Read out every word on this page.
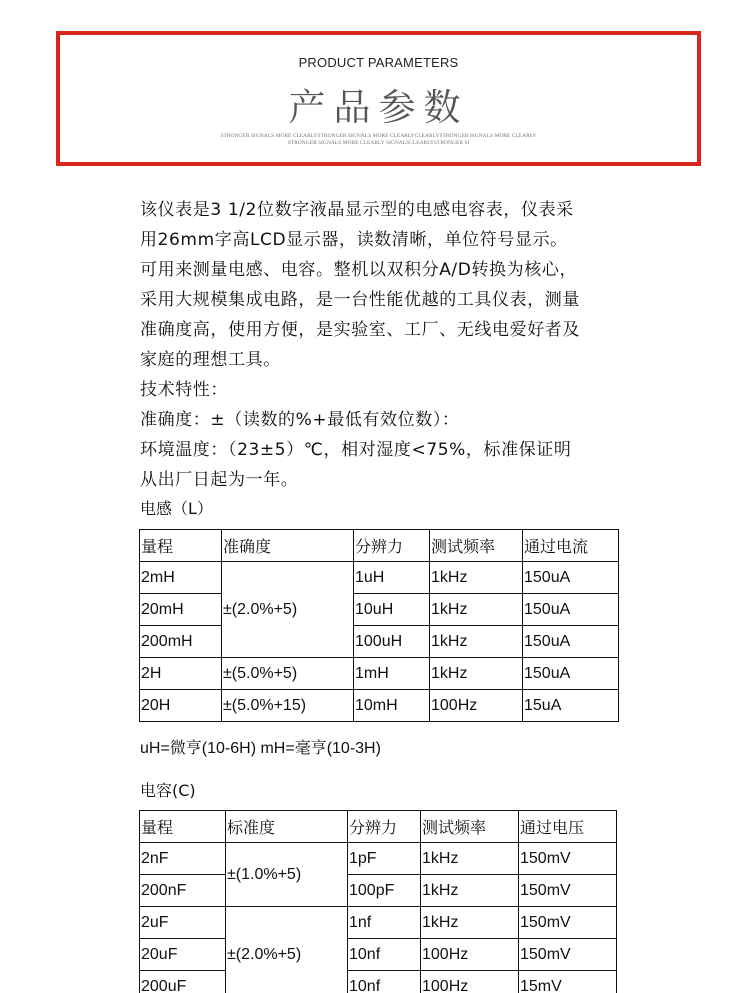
PRODUCT PARAMETERS
产品参数
STRONGER SIGNALS MORE CLEARLYSTRONGER SIGNALS MORE CLEARLYCLEARLYSTRONGER SIGNALS MORE CLEARLY
STRONGER SIGNALS MORE CLEARLY SIGNALSCLEARLYSTRONGER SI
该仪表是3 1/2位数字液晶显示型的电感电容表，仪表采
用26mm字高LCD显示器，读数清晰，单位符号显示。
可用来测量电感、电容。整机以双积分A/D转换为核心，
采用大规模集成电路，是一台性能优越的工具仪表，测量
准确度高，使用方便，是实验室、工厂、无线电爱好者及
家庭的理想工具。
技术特性：
准确度：±（读数的%+最低有效位数）：
环境温度：（23±5）℃，相对湿度<75%，标准保证明
从出厂日起为一年。
电感（L）
量程	准确度	分辨力	测试频率	通过电流
2mH	±(2.0%+5)	1uH	1kHz	150uA
20mH		10uH	1kHz	150uA
200mH		100uH	1kHz	150uA
2H	±(5.0%+5)	1mH	1kHz	150uA
20H	±(5.0%+15)	10mH	100Hz	15uA
uH=微亨(10-6H) mH=毫亨(10-3H)
电容(C)
量程	标准度	分辨力	测试频率	通过电压
2nF	±(1.0%+5)	1pF	1kHz	150mV
200nF		100pF	1kHz	150mV
2uF	±(2.0%+5)	1nf	1kHz	150mV
20uF		10nf	100Hz	150mV
200uF		10nf	100Hz	15mV
